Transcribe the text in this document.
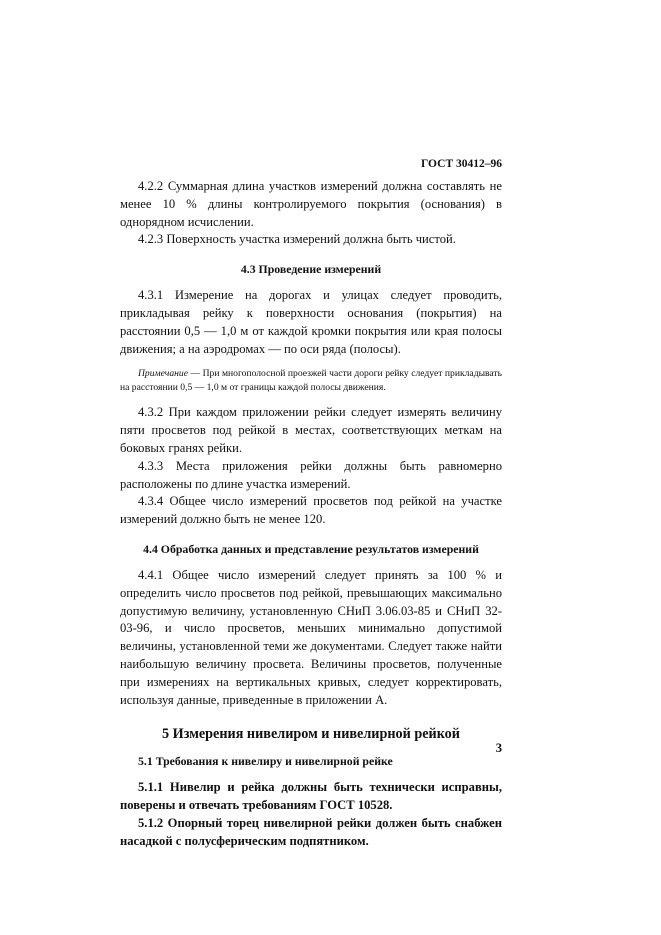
ГОСТ 30412–96

4.2.2 Суммарная длина участков измерений должна составлять не менее 10 % длины контролируемого покрытия (основания) в однорядном исчислении.

4.2.3 Поверхность участка измерений должна быть чистой.

4.3 Проведение измерений

4.3.1 Измерение на дорогах и улицах следует проводить, прикладывая рейку к поверхности основания (покрытия) на расстоянии 0,5 — 1,0 м от каждой кромки покрытия или края полосы движения; а на аэродромах — по оси ряда (полосы).

Примечание — При многополосной проезжей части дороги рейку следует прикладывать на расстоянии 0,5 — 1,0 м от границы каждой полосы движения.

4.3.2 При каждом приложении рейки следует измерять величину пяти просветов под рейкой в местах, соответствующих меткам на боковых гранях рейки.

4.3.3 Места приложения рейки должны быть равномерно расположены по длине участка измерений.

4.3.4 Общее число измерений просветов под рейкой на участке измерений должно быть не менее 120.

4.4 Обработка данных и представление результатов измерений

4.4.1 Общее число измерений следует принять за 100 % и определить число просветов под рейкой, превышающих максимально допустимую величину, установленную СНиП 3.06.03-85 и СНиП 32-03-96, и число просветов, меньших минимально допустимой величины, установленной теми же документами. Следует также найти наибольшую величину просвета. Величины просветов, полученные при измерениях на вертикальных кривых, следует корректировать, используя данные, приведенные в приложении А.

5 Измерения нивелиром и нивелирной рейкой
5.1 Требования к нивелиру и нивелирной рейке

5.1.1 Нивелир и рейка должны быть технически исправны, поверены и отвечать требованиям ГОСТ 10528.

5.1.2 Опорный торец нивелирной рейки должен быть снабжен насадкой с полусферическим подпятником.

3
